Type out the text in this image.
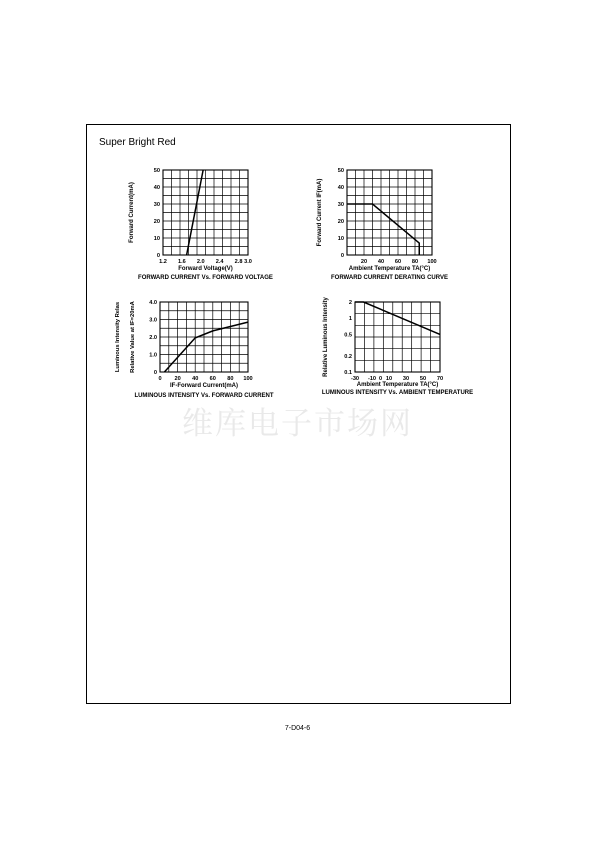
Super Bright Red
维库电子市场网
7-D04-6
1.2 1.6 2.0 2.4 2.8 3.0
0
10
20
30
40
50
Forward Voltage(V)
FORWARD CURRENT Vs. FORWARD VOLTAGE
Forward Current(mA)
20 40 60 80 100
0
10
20
30
40
50
Ambient Temperature TA(°C)
FORWARD CURRENT DERATING CURVE
Forward Current IF(mA)
0 20 40 60 80 100
0
1.0
2.0
3.0
4.0
IF-Forward Current(mA)
LUMINOUS INTENSITY Vs. FORWARD CURRENT
Luminous Intensity Relas Relative Value at IF=20mA
-30 -10 0 10 30 50 70
0.1
0.2
0.5
1
2
Ambient Temperature TA(°C)
LUMINOUS INTENSITY Vs. AMBIENT TEMPERATURE
Relative Luminous Intensity
